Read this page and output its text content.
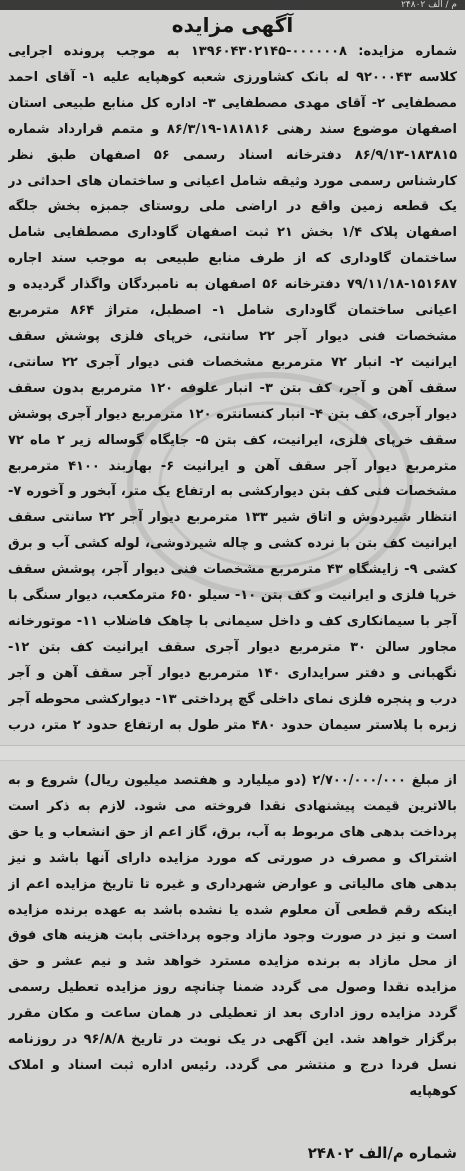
م / الف ۲۴۸۰۲
آگهی مزایده

شماره مزایده: ۰۰۰۰۰۰۸-۱۳۹۶۰۴۳۰۲۱۴۵ به موجب پرونده اجرایی کلاسه ۹۲۰۰۰۴۳ له بانک کشاورزی شعبه کوهپایه علیه ۱- آقای احمد مصطفایی ۲- آقای مهدی مصطفایی ۳- اداره کل منابع طبیعی استان اصفهان موضوع سند رهنی ۱۸۱۸۱۶-۸۶/۳/۱۹ و متمم قرارداد شماره ۱۸۳۸۱۵-۸۶/۹/۱۳ دفترخانه اسناد رسمی ۵۶ اصفهان طبق نظر کارشناس رسمی مورد وثیقه شامل اعیانی و ساختمان های احداثی در یک قطعه زمین واقع در اراضی ملی روستای جمبزه بخش جلگه اصفهان پلاک ۱/۴ بخش ۲۱ ثبت اصفهان گاوداری مصطفایی شامل ساختمان گاوداری که از طرف منابع طبیعی به موجب سند اجاره ۱۵۱۶۸۷-۷۹/۱۱/۱۸ دفترخانه ۵۶ اصفهان به نامبردگان واگذار گردیده و اعیانی ساختمان گاوداری شامل ۱- اصطبل، متراژ ۸۶۴ مترمربع مشخصات فنی دیوار آجر ۲۲ سانتی، خرپای فلزی پوشش سقف ایرانیت ۲- انبار ۷۲ مترمربع مشخصات فنی دیوار آجری ۲۲ سانتی، سقف آهن و آجر، کف بتن ۳- انبار علوفه ۱۲۰ مترمربع بدون سقف دیوار آجری، کف بتن ۴- انبار کنسانتره ۱۲۰ مترمربع دیوار آجری پوشش سقف خرپای فلزی، ایرانیت، کف بتن ۵- جایگاه گوساله زیر ۲ ماه ۷۲ مترمربع دیوار آجر سقف آهن و ایرانیت ۶- بهاربند ۴۱۰۰ مترمربع مشخصات فنی کف بتن دیوارکشی به ارتفاع یک متر، آبخور و آخوره ۷- انتظار شیردوش و اتاق شیر ۱۳۳ مترمربع دیوار آجر ۲۲ سانتی سقف ایرانیت کف بتن با نرده کشی و چاله شیردوشی، لوله کشی آب و برق کشی ۹- زایشگاه ۴۳ مترمربع مشخصات فنی دیوار آجر، پوشش سقف خرپا فلزی و ایرانیت و کف بتن ۱۰- سیلو ۶۵۰ مترمکعب، دیوار سنگی با آجر با سیمانکاری کف و داخل سیمانی با چاهک فاضلاب ۱۱- موتورخانه مجاور سالن ۳۰ مترمربع دیوار آجری سقف ایرانیت کف بتن ۱۲- نگهبانی و دفتر سرایداری ۱۴۰ مترمربع دیوار آجر سقف آهن و آجر درب و پنجره فلزی نمای داخلی گچ پرداختی ۱۳- دیوارکشی محوطه آجر زبره با پلاستر سیمان حدود ۴۸۰ متر طول به ارتفاع حدود ۲ متر، درب

از مبلغ ۲/۷۰۰/۰۰۰/۰۰۰ (دو میلیارد و هفتصد میلیون ریال) شروع و به بالاترین قیمت پیشنهادی نقدا فروخته می شود. لازم به ذکر است پرداخت بدهی های مربوط به آب، برق، گاز اعم از حق انشعاب و یا حق اشتراک و مصرف در صورتی که مورد مزایده دارای آنها باشد و نیز بدهی های مالیاتی و عوارض شهرداری و غیره تا تاریخ مزایده اعم از اینکه رقم قطعی آن معلوم شده یا نشده باشد به عهده برنده مزایده است و نیز در صورت وجود مازاد وجوه پرداختی بابت هزینه های فوق از محل مازاد به برنده مزایده مسترد خواهد شد و نیم عشر و حق مزایده نقدا وصول می گردد ضمنا چنانچه روز مزایده تعطیل رسمی گردد مزایده روز اداری بعد از تعطیلی در همان ساعت و مکان مقرر برگزار خواهد شد. این آگهی در یک نوبت در تاریخ ۹۶/۸/۸ در روزنامه نسل فردا درج و منتشر می گردد. رئیس اداره ثبت اسناد و املاک کوهپایه

شماره م/الف ۲۴۸۰۲
